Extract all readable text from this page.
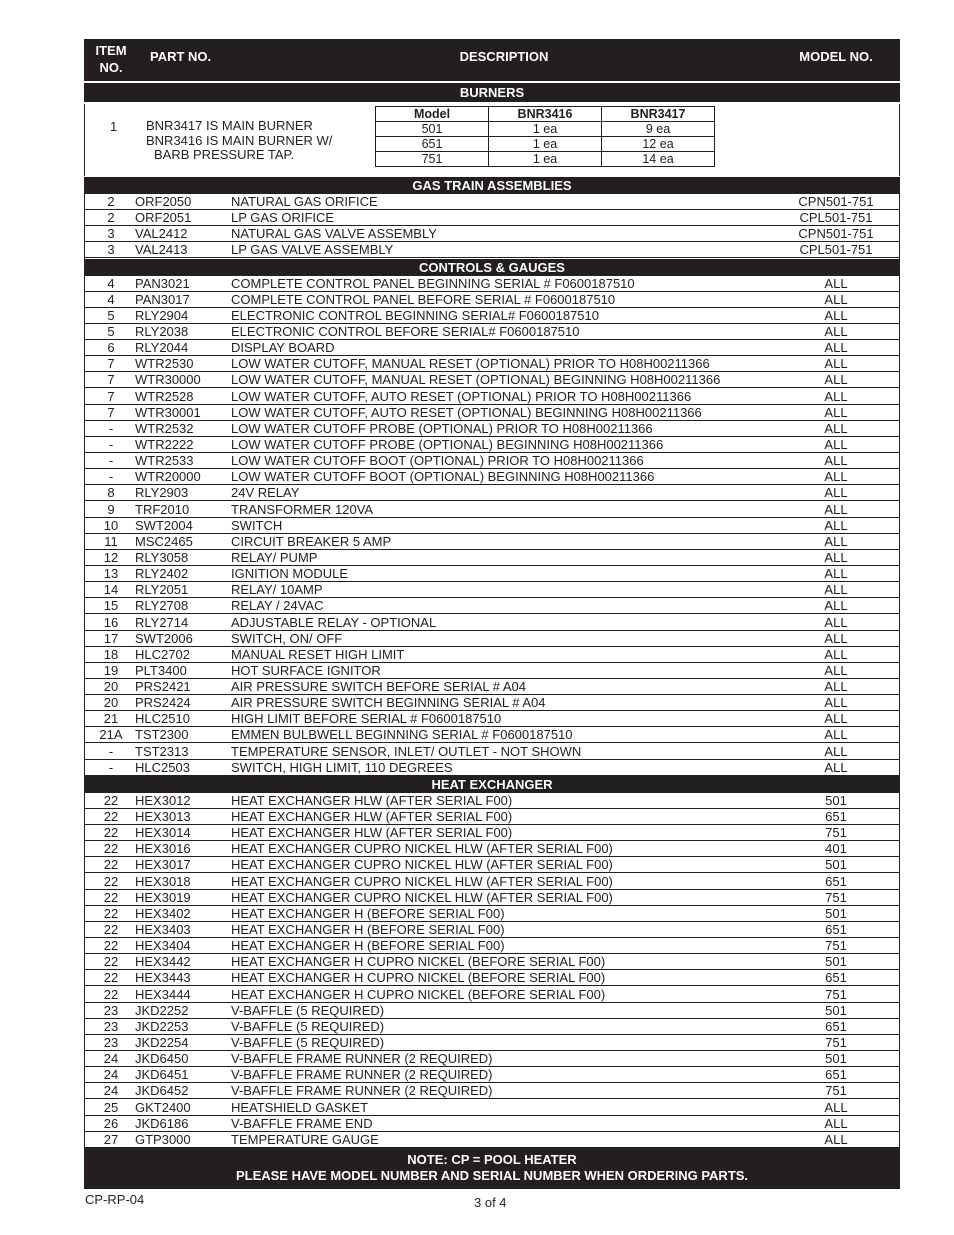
ITEM NO.
PART NO.	DESCRIPTION	MODEL NO.
BURNERS
1 BNR3417 IS MAIN BURNER
BNR3416 IS MAIN BURNER W/
BARB PRESSURE TAP.
Model	BNR3416	BNR3417
501	1 ea	9 ea
651	1 ea	12 ea
751	1 ea	14 ea
GAS TRAIN ASSEMBLIES
2	ORF2050	NATURAL GAS ORIFICE	CPN501-751
2	ORF2051	LP GAS ORIFICE	CPL501-751
3	VAL2412	NATURAL GAS VALVE ASSEMBLY	CPN501-751
3	VAL2413	LP GAS VALVE ASSEMBLY	CPL501-751
CONTROLS & GAUGES
4	PAN3021	COMPLETE CONTROL PANEL BEGINNING SERIAL # F0600187510	ALL
4	PAN3017	COMPLETE CONTROL PANEL BEFORE SERIAL # F0600187510	ALL
5	RLY2904	ELECTRONIC CONTROL BEGINNING SERIAL# F0600187510	ALL
5	RLY2038	ELECTRONIC CONTROL BEFORE SERIAL# F0600187510	ALL
6	RLY2044	DISPLAY BOARD	ALL
7	WTR2530	LOW WATER CUTOFF, MANUAL RESET (OPTIONAL) PRIOR TO H08H00211366	ALL
7	WTR30000 LOW WATER CUTOFF, MANUAL RESET (OPTIONAL) BEGINNING H08H00211366	ALL
7	WTR2528	LOW WATER CUTOFF, AUTO RESET (OPTIONAL) PRIOR TO H08H00211366	ALL
7	WTR30001 LOW WATER CUTOFF, AUTO RESET (OPTIONAL) BEGINNING H08H00211366	ALL
-	WTR2532	LOW WATER CUTOFF PROBE (OPTIONAL) PRIOR TO H08H00211366	ALL
-	WTR2222	LOW WATER CUTOFF PROBE (OPTIONAL) BEGINNING H08H00211366	ALL
-	WTR2533	LOW WATER CUTOFF BOOT (OPTIONAL) PRIOR TO H08H00211366	ALL
-	WTR20000 LOW WATER CUTOFF BOOT (OPTIONAL) BEGINNING H08H00211366	ALL
8	RLY2903	24V RELAY	ALL
9	TRF2010	TRANSFORMER 120VA	ALL
10	SWT2004	SWITCH	ALL
11	MSC2465	CIRCUIT BREAKER 5 AMP	ALL
12	RLY3058	RELAY/ PUMP	ALL
13	RLY2402	IGNITION MODULE	ALL
14	RLY2051	RELAY/ 10AMP	ALL
15	RLY2708	RELAY / 24VAC	ALL
16	RLY2714	ADJUSTABLE RELAY - OPTIONAL	ALL
17	SWT2006	SWITCH, ON/ OFF	ALL
18	HLC2702	MANUAL RESET HIGH LIMIT	ALL
19	PLT3400	HOT SURFACE IGNITOR	ALL
20	PRS2421	AIR PRESSURE SWITCH BEFORE SERIAL # A04	ALL
20	PRS2424	AIR PRESSURE SWITCH BEGINNING SERIAL # A04	ALL
21	HLC2510	HIGH LIMIT BEFORE SERIAL # F0600187510	ALL
21A TST2300	EMMEN BULBWELL BEGINNING SERIAL # F0600187510	ALL
-	TST2313	TEMPERATURE SENSOR, INLET/ OUTLET - NOT SHOWN	ALL
-	HLC2503	SWITCH, HIGH LIMIT, 110 DEGREES	ALL
HEAT EXCHANGER
22	HEX3012	HEAT EXCHANGER HLW (AFTER SERIAL F00)	501
22	HEX3013	HEAT EXCHANGER HLW (AFTER SERIAL F00)	651
22	HEX3014	HEAT EXCHANGER HLW (AFTER SERIAL F00)	751
22	HEX3016	HEAT EXCHANGER CUPRO NICKEL HLW (AFTER SERIAL F00)	401
22	HEX3017	HEAT EXCHANGER CUPRO NICKEL HLW (AFTER SERIAL F00)	501
22	HEX3018	HEAT EXCHANGER CUPRO NICKEL HLW (AFTER SERIAL F00)	651
22	HEX3019	HEAT EXCHANGER CUPRO NICKEL HLW (AFTER SERIAL F00)	751
22	HEX3402	HEAT EXCHANGER H (BEFORE SERIAL F00)	501
22	HEX3403	HEAT EXCHANGER H (BEFORE SERIAL F00)	651
22	HEX3404	HEAT EXCHANGER H (BEFORE SERIAL F00)	751
22	HEX3442	HEAT EXCHANGER H CUPRO NICKEL (BEFORE SERIAL F00)	501
22	HEX3443	HEAT EXCHANGER H CUPRO NICKEL (BEFORE SERIAL F00)	651
22	HEX3444	HEAT EXCHANGER H CUPRO NICKEL (BEFORE SERIAL F00)	751
23	JKD2252	V-BAFFLE (5 REQUIRED)	501
23	JKD2253	V-BAFFLE (5 REQUIRED)	651
23	JKD2254	V-BAFFLE (5 REQUIRED)	751
24	JKD6450	V-BAFFLE FRAME RUNNER (2 REQUIRED)	501
24	JKD6451	V-BAFFLE FRAME RUNNER (2 REQUIRED)	651
24	JKD6452	V-BAFFLE FRAME RUNNER (2 REQUIRED)	751
25	GKT2400	HEATSHIELD GASKET	ALL
26	JKD6186	V-BAFFLE FRAME END	ALL
27	GTP3000	TEMPERATURE GAUGE	ALL
NOTE: CP = POOL HEATER
PLEASE HAVE MODEL NUMBER AND SERIAL NUMBER WHEN ORDERING PARTS.
CP-RP-04	3 of 4
